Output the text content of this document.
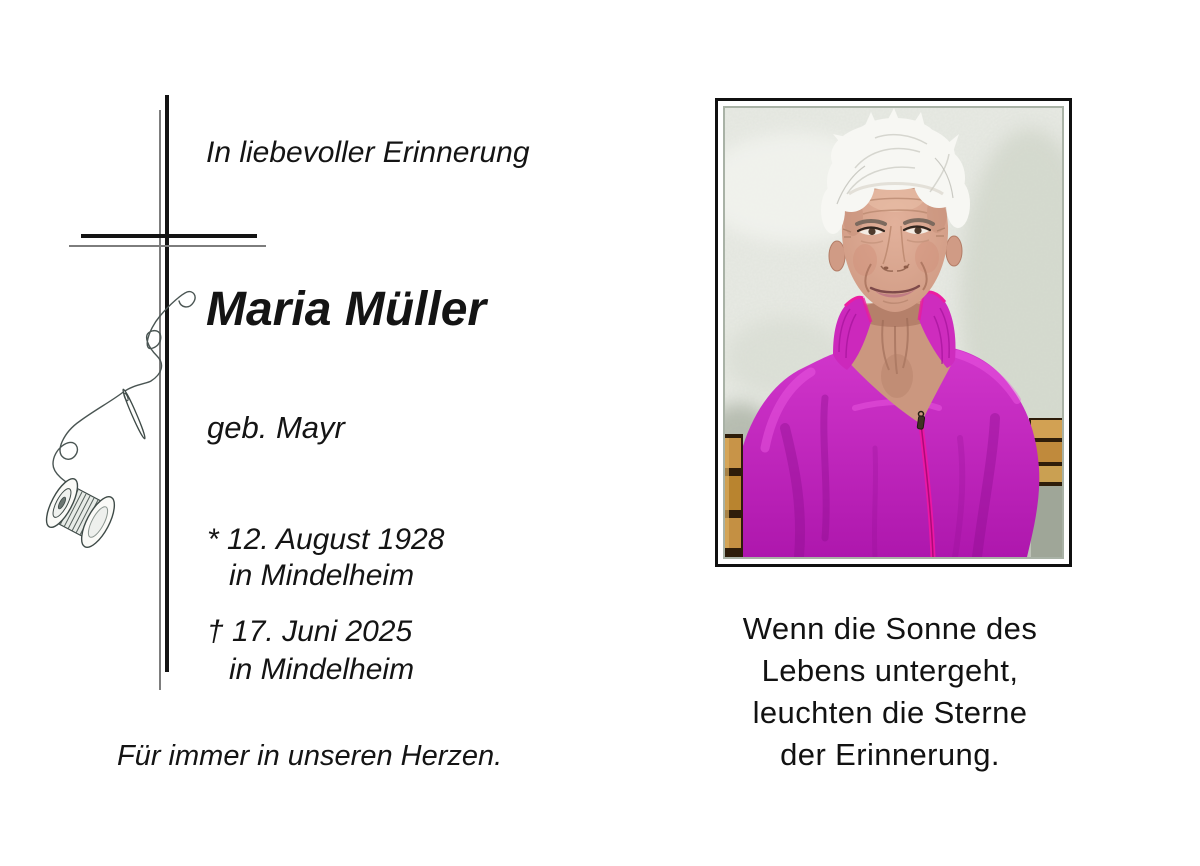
In liebevoller Erinnerung
Maria Müller
geb. Mayr
* 12. August 1928
in Mindelheim
† 17. Juni 2025
in Mindelheim
Für immer in unseren Herzen.
Wenn die Sonne des
Lebens untergeht,
leuchten die Sterne
der Erinnerung.
